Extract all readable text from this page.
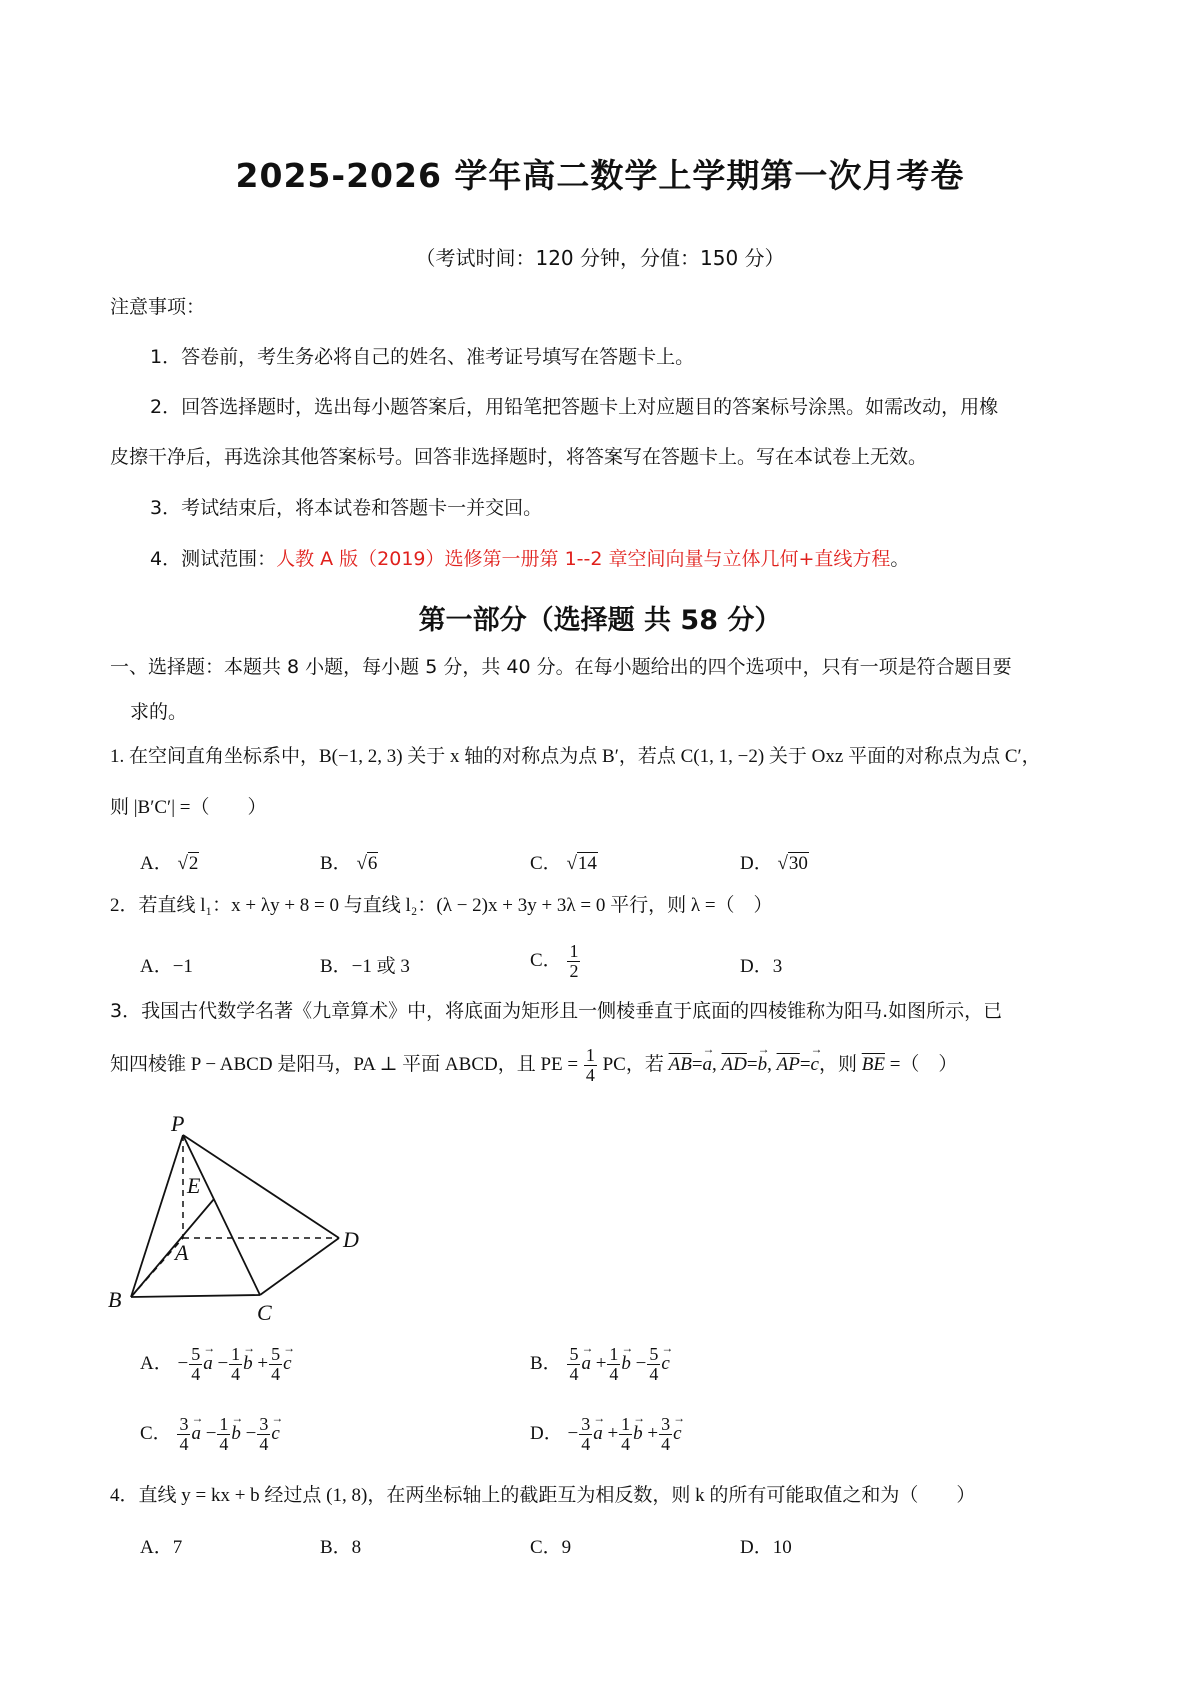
2025-2026 学年高二数学上学期第一次月考卷
（考试时间：120 分钟，分值：150 分）
注意事项：
1．答卷前，考生务必将自己的姓名、准考证号填写在答题卡上。
2．回答选择题时，选出每小题答案后，用铅笔把答题卡上对应题目的答案标号涂黑。如需改动，用橡
皮擦干净后，再选涂其他答案标号。回答非选择题时，将答案写在答题卡上。写在本试卷上无效。
3．考试结束后，将本试卷和答题卡一并交回。
4．测试范围：人教 A 版（2019）选修第一册第 1--2 章空间向量与立体几何+直线方程。
第一部分（选择题 共 58 分）
一、选择题：本题共 8 小题，每小题 5 分，共 40 分。在每小题给出的四个选项中，只有一项是符合题目要
求的。
1. 在空间直角坐标系中，B(−1, 2, 3) 关于 x 轴的对称点为点 B′，若点 C(1, 1, −2) 关于 Oxz 平面的对称点为点 C′，
则 |B′C′| =（　　）
A． √2	B． √6	C． √14	D． √30
2．若直线 l₁：x + λy + 8 = 0 与直线 l₂：(λ − 2)x + 3y + 3λ = 0 平行，则 λ =（　）
A．−1	B．−1 或 3	C． $\frac{1}{2}$	D．3
3．我国古代数学名著《九章算术》中，将底面为矩形且一侧棱垂直于底面的四棱锥称为阳马.如图所示，已
知四棱锥 P − ABCD 是阳马，PA ⊥ 平面 ABCD，且 PE = $\frac{1}{4}$ PC，若 $\overline{AB}=\to a$, $\overline{AD}=\to b$, $\overline{AP}=\to c$，则 $\overline{BE}$ =（　）
P
E
A
B
C
D
A． − $\frac{5}{4} \to a - \frac{1}{4} \to b + \frac{5}{4} \to c$	B． $\frac{5}{4} \to a + \frac{1}{4} \to b - \frac{5}{4} \to c$
C． $\frac{3}{4} \to a - \frac{1}{4} \to b - \frac{3}{4} \to c$	D． − $\frac{3}{4} \to a + \frac{1}{4} \to b + \frac{3}{4} \to c$
4．直线 y = kx + b 经过点 (1, 8)，在两坐标轴上的截距互为相反数，则 k 的所有可能取值之和为（　　）
A．7	B．8	C．9	D．10
